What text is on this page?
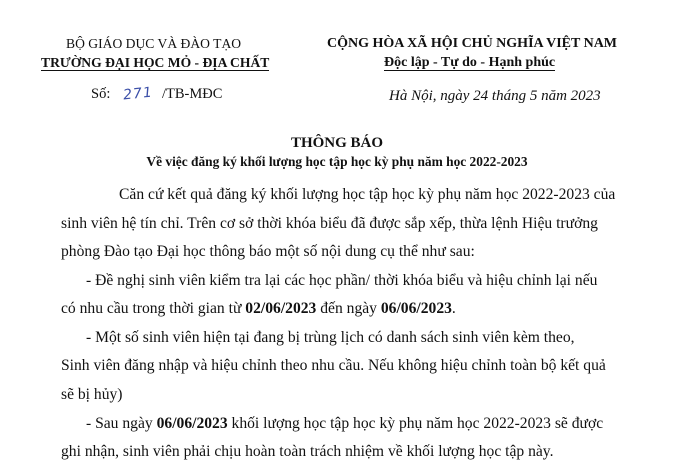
BỘ GIÁO DỤC VÀ ĐÀO TẠO
TRƯỜNG ĐẠI HỌC MỎ - ĐỊA CHẤT
Số: 271 /TB-MĐC
CỘNG HÒA XÃ HỘI CHỦ NGHĨA VIỆT NAM
Độc lập - Tự do - Hạnh phúc
Hà Nội, ngày 24 tháng 5 năm 2023
THÔNG BÁO
Về việc đăng ký khối lượng học tập học kỳ phụ năm học 2022-2023
Căn cứ kết quả đăng ký khối lượng học tập học kỳ phụ năm học 2022-2023 của
sinh viên hệ tín chỉ. Trên cơ sở thời khóa biểu đã được sắp xếp, thừa lệnh Hiệu trưởng
phòng Đào tạo Đại học thông báo một số nội dung cụ thể như sau:
- Đề nghị sinh viên kiểm tra lại các học phần/ thời khóa biểu và hiệu chỉnh lại nếu
có nhu cầu trong thời gian từ 02/06/2023 đến ngày 06/06/2023.
- Một số sinh viên hiện tại đang bị trùng lịch có danh sách sinh viên kèm theo,
Sinh viên đăng nhập và hiệu chỉnh theo nhu cầu. Nếu không hiệu chỉnh toàn bộ kết quả
sẽ bị hủy)
- Sau ngày 06/06/2023 khối lượng học tập học kỳ phụ năm học 2022-2023 sẽ được
ghi nhận, sinh viên phải chịu hoàn toàn trách nhiệm về khối lượng học tập này.
